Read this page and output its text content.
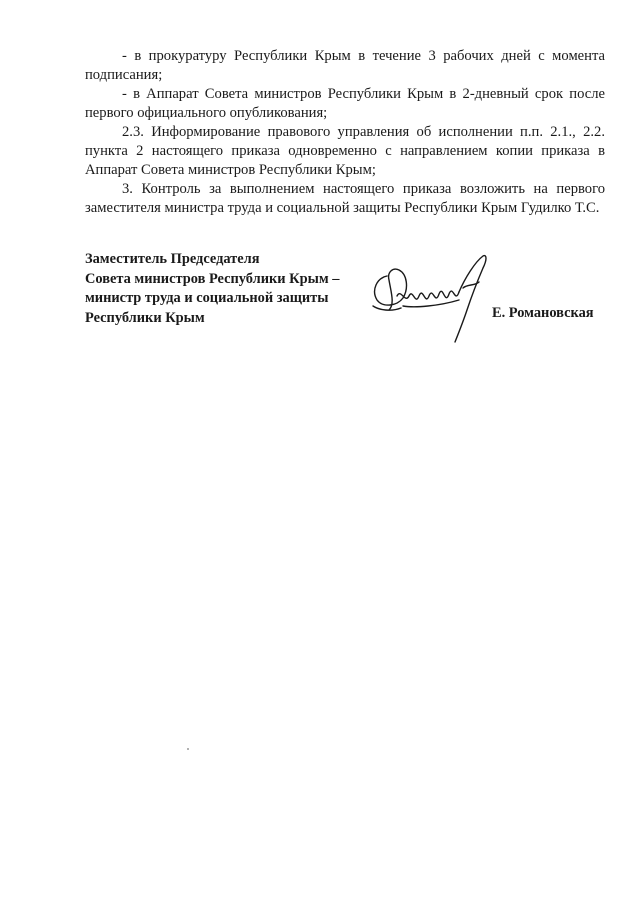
- в прокуратуру Республики Крым в течение 3 рабочих дней с момента подписания;

- в Аппарат Совета министров Республики Крым в 2-дневный срок после первого официального опубликования;

2.3. Информирование правового управления об исполнении п.п. 2.1., 2.2. пункта 2 настоящего приказа одновременно с направлением копии приказа в Аппарат Совета министров Республики Крым;

3. Контроль за выполнением настоящего приказа возложить на первого заместителя министра труда и социальной защиты Республики Крым Гудилко Т.С.

Заместитель Председателя
Совета министров Республики Крым –
министр труда и социальной защиты
Республики Крым	Е. Романовская
